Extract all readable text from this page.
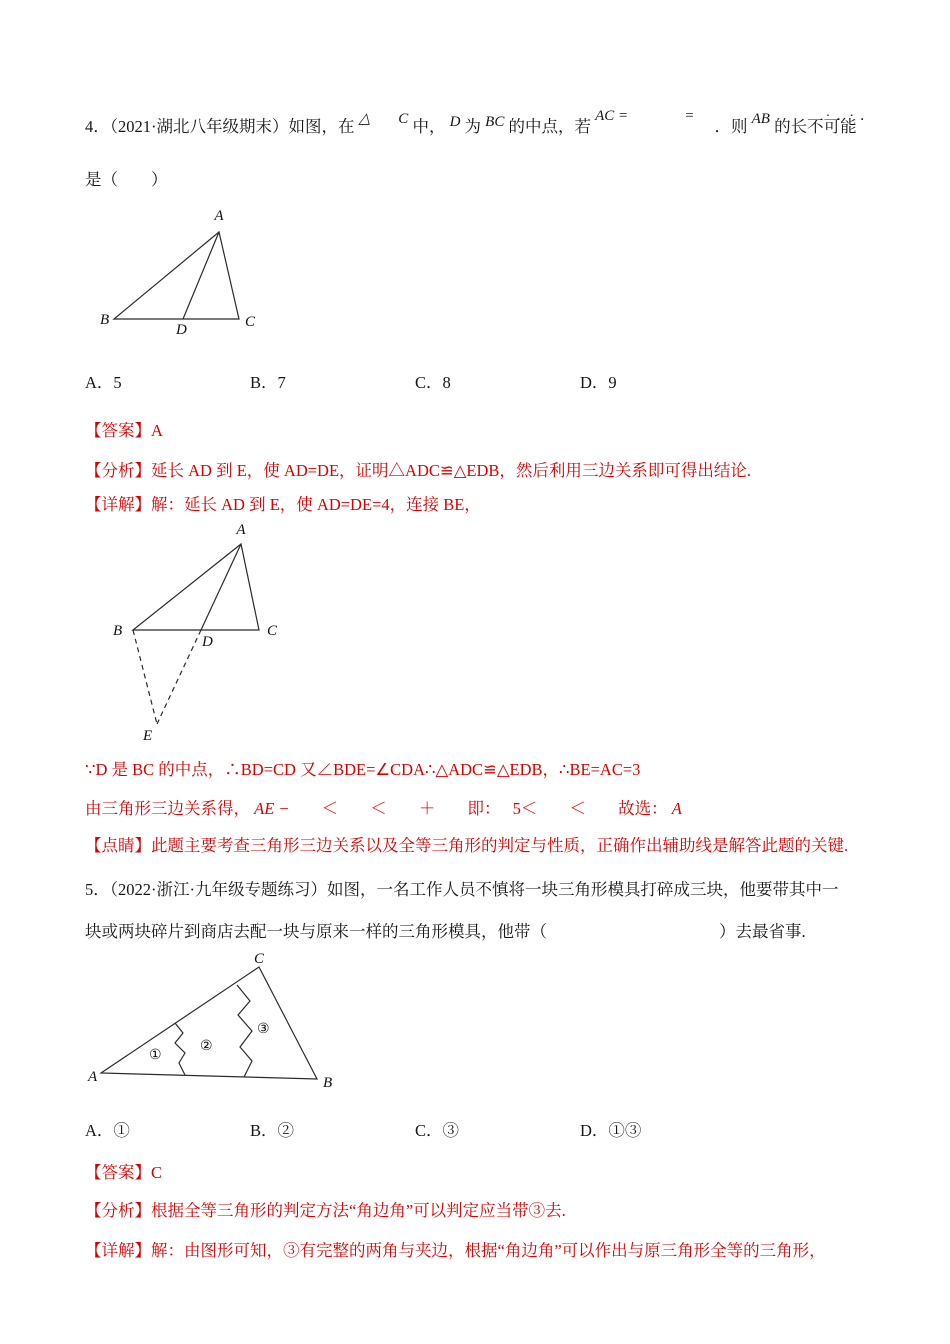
·．·．
4．（2021·湖北八年级期末）如图，在 △ C 中， D 为 BC 的中点，若 AC =	= ．则 AB 的长不可能

是（　　）

A
B	C
D
A．5	B．7	C．8	D．9

【答案】A

【分析】延长 AD 到 E，使 AD=DE，证明△ADC≌△EDB，然后利用三边关系即可得出结论.

【详解】解：延长 AD 到 E，使 AD=DE=4，连接 BE，

A
B	C
D
E

∵D 是 BC 的中点，∴BD=CD 又∠BDE=∠CDA∴△ADC≌△EDB，∴BE=AC=3

由三角形三边关系得， AE − ＜ ＜ ＋ 即： 5＜ ＜ 故选： A

【点睛】此题主要考查三角形三边关系以及全等三角形的判定与性质，正确作出辅助线是解答此题的关键.

5．（2022·浙江·九年级专题练习）如图，一名工作人员不慎将一块三角形模具打碎成三块，他要带其中一

块或两块碎片到商店去配一块与原来一样的三角形模具，他带（	）去最省事.

C
A	B
①
②
③
A．①	B．②	C．③	D．①③

【答案】C

【分析】根据全等三角形的判定方法“角边角”可以判定应当带③去.

【详解】解：由图形可知，③有完整的两角与夹边，根据“角边角”可以作出与原三角形全等的三角形，
